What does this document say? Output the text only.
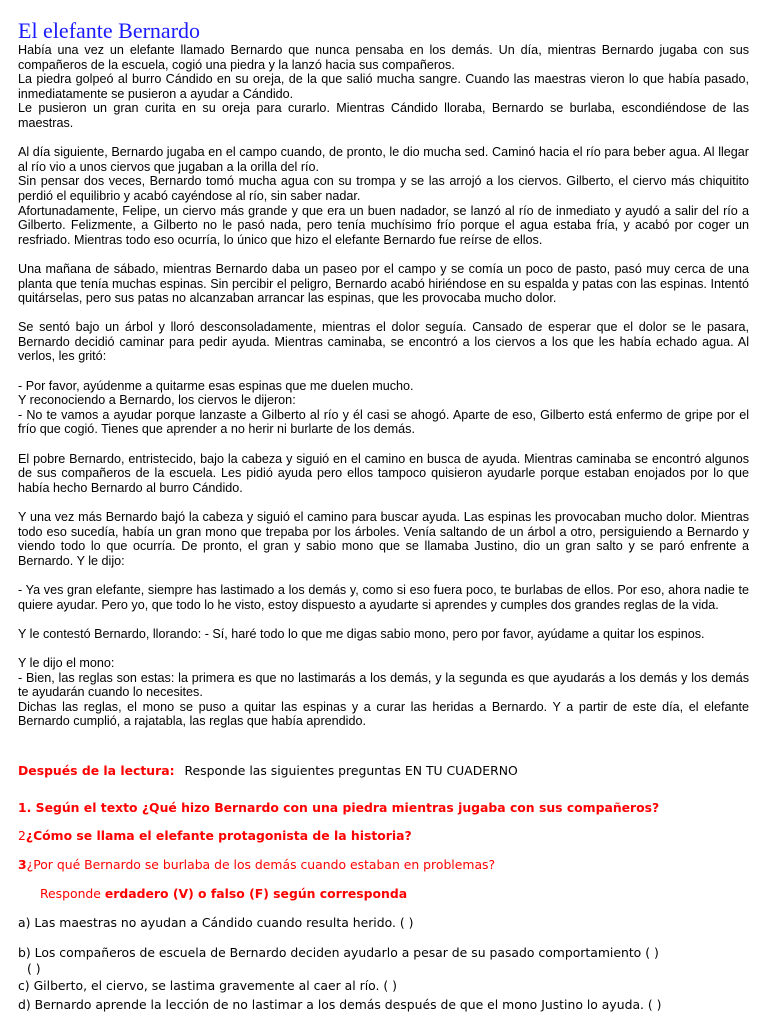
El elefante Bernardo

Había una vez un elefante llamado Bernardo que nunca pensaba en los demás. Un día, mientras Bernardo jugaba con sus compañeros de la escuela, cogió una piedra y la lanzó hacia sus compañeros.

La piedra golpeó al burro Cándido en su oreja, de la que salió mucha sangre. Cuando las maestras vieron lo que había pasado, inmediatamente se pusieron a ayudar a Cándido.

Le pusieron un gran curita en su oreja para curarlo. Mientras Cándido lloraba, Bernardo se burlaba, escondiéndose de las maestras.

Al día siguiente, Bernardo jugaba en el campo cuando, de pronto, le dio mucha sed. Caminó hacia el río para beber agua. Al llegar al río vio a unos ciervos que jugaban a la orilla del río.

Sin pensar dos veces, Bernardo tomó mucha agua con su trompa y se las arrojó a los ciervos. Gilberto, el ciervo más chiquitito perdió el equilibrio y acabó cayéndose al río, sin saber nadar.

Afortunadamente, Felipe, un ciervo más grande y que era un buen nadador, se lanzó al río de inmediato y ayudó a salir del río a Gilberto. Felizmente, a Gilberto no le pasó nada, pero tenía muchísimo frío porque el agua estaba fría, y acabó por coger un resfriado. Mientras todo eso ocurría, lo único que hizo el elefante Bernardo fue reírse de ellos.

Una mañana de sábado, mientras Bernardo daba un paseo por el campo y se comía un poco de pasto, pasó muy cerca de una planta que tenía muchas espinas. Sin percibir el peligro, Bernardo acabó hiriéndose en su espalda y patas con las espinas. Intentó quitárselas, pero sus patas no alcanzaban arrancar las espinas, que les provocaba mucho dolor.

Se sentó bajo un árbol y lloró desconsoladamente, mientras el dolor seguía. Cansado de esperar que el dolor se le pasara, Bernardo decidió caminar para pedir ayuda. Mientras caminaba, se encontró a los ciervos a los que les había echado agua. Al verlos, les gritó:

- Por favor, ayúdenme a quitarme esas espinas que me duelen mucho.

Y reconociendo a Bernardo, los ciervos le dijeron:

- No te vamos a ayudar porque lanzaste a Gilberto al río y él casi se ahogó. Aparte de eso, Gilberto está enfermo de gripe por el frío que cogió. Tienes que aprender a no herir ni burlarte de los demás.

El pobre Bernardo, entristecido, bajo la cabeza y siguió en el camino en busca de ayuda. Mientras caminaba se encontró algunos de sus compañeros de la escuela. Les pidió ayuda pero ellos tampoco quisieron ayudarle porque estaban enojados por lo que había hecho Bernardo al burro Cándido.

Y una vez más Bernardo bajó la cabeza y siguió el camino para buscar ayuda. Las espinas les provocaban mucho dolor. Mientras todo eso sucedía, había un gran mono que trepaba por los árboles. Venía saltando de un árbol a otro, persiguiendo a Bernardo y viendo todo lo que ocurría. De pronto, el gran y sabio mono que se llamaba Justino, dio un gran salto y se paró enfrente a Bernardo. Y le dijo:

- Ya ves gran elefante, siempre has lastimado a los demás y, como si eso fuera poco, te burlabas de ellos. Por eso, ahora nadie te quiere ayudar. Pero yo, que todo lo he visto, estoy dispuesto a ayudarte si aprendes y cumples dos grandes reglas de la vida.

Y le contestó Bernardo, llorando: - Sí, haré todo lo que me digas sabio mono, pero por favor, ayúdame a quitar los espinos.

Y le dijo el mono:

- Bien, las reglas son estas: la primera es que no lastimarás a los demás, y la segunda es que ayudarás a los demás y los demás te ayudarán cuando lo necesites.

Dichas las reglas, el mono se puso a quitar las espinas y a curar las heridas a Bernardo. Y a partir de este día, el elefante Bernardo cumplió, a rajatabla, las reglas que había aprendido.

Después de la lectura: Responde las siguientes preguntas EN TU CUADERNO
1. Según el texto ¿Qué hizo Bernardo con una piedra mientras jugaba con sus compañeros?
2¿Cómo se llama el elefante protagonista de la historia?
3¿Por qué Bernardo se burlaba de los demás cuando estaban en problemas?
Responde erdadero (V) o falso (F) según corresponda
a) Las maestras no ayudan a Cándido cuando resulta herido. ( )
b) Los compañeros de escuela de Bernardo deciden ayudarlo a pesar de su pasado comportamiento ( )
( )
c) Gilberto, el ciervo, se lastima gravemente al caer al río. ( )
d) Bernardo aprende la lección de no lastimar a los demás después de que el mono Justino lo ayuda. ( )
